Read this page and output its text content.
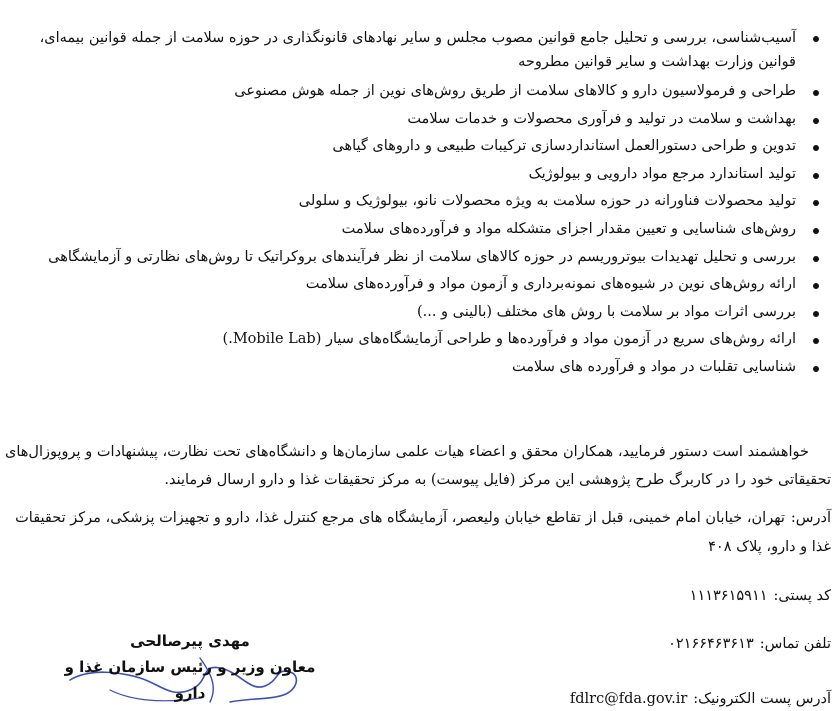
آسیب‌شناسی، بررسی و تحلیل جامع قوانین مصوب مجلس و سایر نهادهای قانونگذاری در حوزه سلامت از جمله قوانین بیمه‌ای، قوانین وزارت بهداشت و سایر قوانین مطروحه
طراحی و فرمولاسیون دارو و کالاهای سلامت از طریق روش‌های نوین از جمله هوش مصنوعی
بهداشت و سلامت در تولید و فرآوری محصولات و خدمات سلامت
تدوین و طراحی دستورالعمل استانداردسازی ترکیبات طبیعی و داروهای گیاهی
تولید استاندارد مرجع مواد دارویی و بیولوژیک
تولید محصولات فناورانه در حوزه سلامت به ویژه محصولات نانو، بیولوژیک و سلولی
روش‌های شناسایی و تعیین مقدار اجزای متشکله مواد و فرآورده‌های سلامت
بررسی و تحلیل تهدیدات بیوتروریسم در حوزه کالاهای سلامت از نظر فرآیندهای بروکراتیک تا روش‌های نظارتی و آزمایشگاهی
ارائه روش‌های نوین در شیوه‌های نمونه‌برداری و آزمون مواد و فرآورده‌های سلامت
بررسی اثرات مواد بر سلامت با روش های مختلف (بالینی و ...)
ارائه روش‌های سریع در آزمون مواد و فرآورده‌ها و طراحی آزمایشگاه‌های سیار (Mobile Lab.)
شناسایی تقلبات در مواد و فرآورده های سلامت

خواهشمند است دستور فرمایید، همکاران محقق و اعضاء هیات علمی سازمان‌ها و دانشگاه‌های تحت نظارت، پیشنهادات و پروپوزال‌های تحقیقاتی خود را در کاربرگ طرح پژوهشی این مرکز (فایل پیوست) به مرکز تحقیقات غذا و دارو ارسال فرمایند.

آدرس:تهران، خیابان امام خمینی، قبل از تقاطع خیابان ولیعصر، آزمایشگاه های مرجع کنترل غذا، دارو و تجهیزات پزشکی، مرکز تحقیقات غذا و دارو، پلاک ۴۰۸
کد پستی:۱۱۱۳۶۱۵۹۱۱
تلفن تماس:۰۲۱۶۶۴۶۳۶۱۳
آدرس پست الکترونیک:fdlrc@fda.gov.ir
مهدی پیرصالحی
معاون وزیر و رئیس سازمان غذا و دارو
